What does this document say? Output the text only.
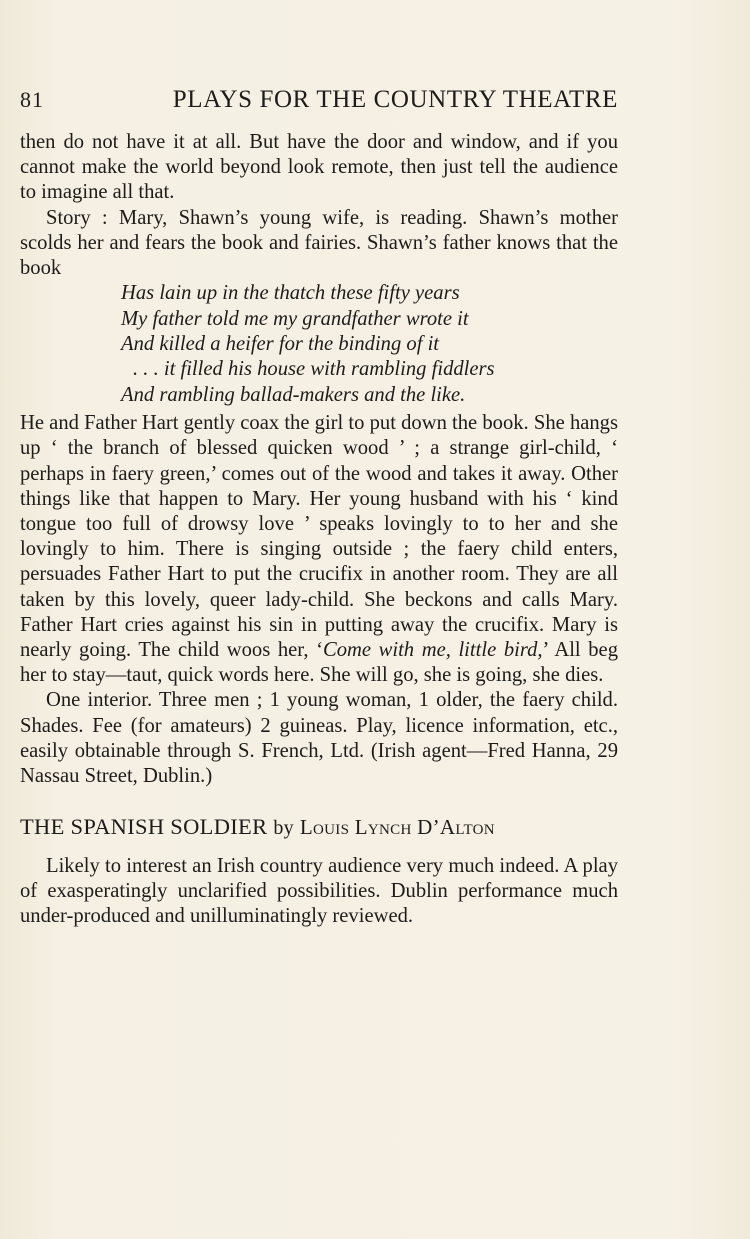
81	PLAYS FOR THE COUNTRY THEATRE

then do not have it at all. But have the door and window, and if you cannot make the world beyond look remote, then just tell the audience to imagine all that.

Story : Mary, Shawn’s young wife, is reading. Shawn’s mother scolds her and fears the book and fairies. Shawn’s father knows that the book

Has lain up in the thatch these fifty years
My father told me my grandfather wrote it
And killed a heifer for the binding of it
. . . it filled his house with rambling fiddlers
And rambling ballad-makers and the like.

He and Father Hart gently coax the girl to put down the book. She hangs up ‘ the branch of blessed quicken wood ’ ; a strange girl-child, ‘ perhaps in faery green,’ comes out of the wood and takes it away. Other things like that happen to Mary. Her young husband with his ‘ kind tongue too full of drowsy love ’ speaks lovingly to to her and she lovingly to him. There is singing outside ; the faery child enters, persuades Father Hart to put the crucifix in another room. They are all taken by this lovely, queer lady-child. She beckons and calls Mary. Father Hart cries against his sin in putting away the crucifix. Mary is nearly going. The child woos her, ‘Come with me, little bird,’ All beg her to stay—taut, quick words here. She will go, she is going, she dies.

One interior. Three men ; 1 young woman, 1 older, the faery child. Shades. Fee (for amateurs) 2 guineas. Play, licence information, etc., easily obtainable through S. French, Ltd. (Irish agent—Fred Hanna, 29 Nassau Street, Dublin.)

THE SPANISH SOLDIER by Louis Lynch D’Alton

Likely to interest an Irish country audience very much indeed. A play of exasperatingly unclarified possibilities. Dublin performance much under-produced and unilluminatingly reviewed.
